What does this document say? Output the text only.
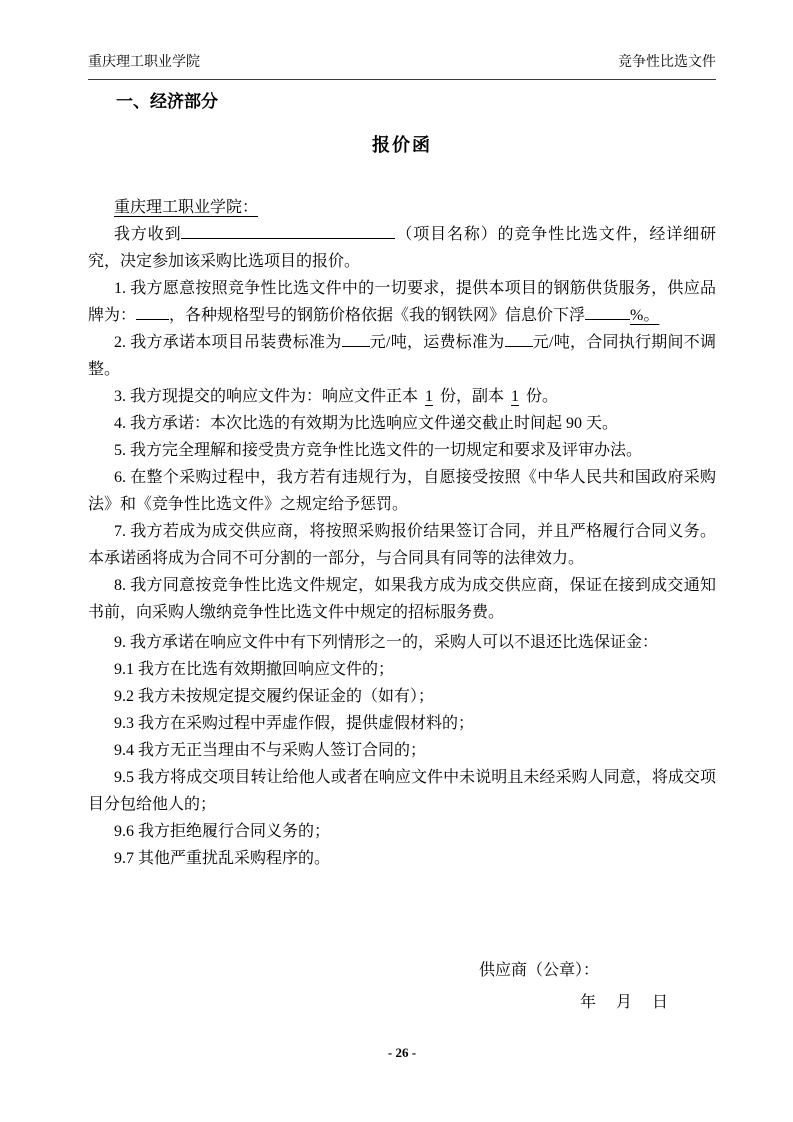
重庆理工职业学院	竞争性比选文件
一、经济部分
报价函

重庆理工职业学院：

我方收到	（项目名称）的竞争性比选文件，经详细研究，决定参加该采购比选项目的报价。

1. 我方愿意按照竞争性比选文件中的一切要求，提供本项目的钢筋供货服务，供应品牌为： ，各种规格型号的钢筋价格依据《我的钢铁网》信息价下浮	%。

2. 我方承诺本项目吊装费标准为 元/吨，运费标准为 元/吨，合同执行期间不调整。

3. 我方现提交的响应文件为：响应文件正本 1 份，副本 1 份。

4. 我方承诺：本次比选的有效期为比选响应文件递交截止时间起 90 天。

5. 我方完全理解和接受贵方竞争性比选文件的一切规定和要求及评审办法。

6. 在整个采购过程中，我方若有违规行为，自愿接受按照《中华人民共和国政府采购法》和《竞争性比选文件》之规定给予惩罚。

7. 我方若成为成交供应商，将按照采购报价结果签订合同，并且严格履行合同义务。本承诺函将成为合同不可分割的一部分，与合同具有同等的法律效力。

8. 我方同意按竞争性比选文件规定，如果我方成为成交供应商，保证在接到成交通知书前，向采购人缴纳竞争性比选文件中规定的招标服务费。

9. 我方承诺在响应文件中有下列情形之一的，采购人可以不退还比选保证金：

9.1 我方在比选有效期撤回响应文件的；

9.2 我方未按规定提交履约保证金的（如有）；

9.3 我方在采购过程中弄虚作假，提供虚假材料的；

9.4 我方无正当理由不与采购人签订合同的；

9.5 我方将成交项目转让给他人或者在响应文件中未说明且未经采购人同意，将成交项目分包给他人的；

9.6 我方拒绝履行合同义务的；

9.7 其他严重扰乱采购程序的。

供应商（公章）：
年　 月　 日
- 26 -
